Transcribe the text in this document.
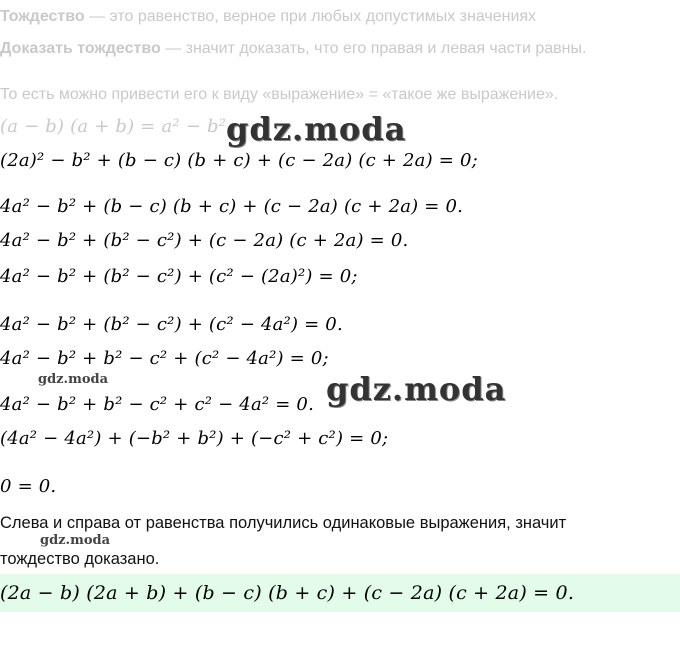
Тождество — это равенство, верное при любых допустимых значениях
Доказать тождество — значит доказать, что его правая и левая части равны.
То есть можно привести его к виду «выражение» = «такое же выражение».
(a − b) (a + b) = a² − b² gdz.moda
(2a)² − b² + (b − c) (b + c) + (c − 2a) (c + 2a) = 0;
4a² − b² + (b − c) (b + c) + (c − 2a) (c + 2a) = 0.
4a² − b² + (b² − c²) + (c − 2a) (c + 2a) = 0.
4a² − b² + (b² − c²) + (c² − (2a)²) = 0;
4a² − b² + (b² − c²) + (c² − 4a²) = 0.
4a² − b² + b² − c² + (c² − 4a²) = 0;
gdz.moda	gdz.moda
4a² − b² + b² − c² + c² − 4a² = 0.
(4a² − 4a²) + (−b² + b²) + (−c² + c²) = 0;
0 = 0.
Слева и справа от равенства получились одинаковые выражения, значит
gdz.moda
тождество доказано.
(2a − b) (2a + b) + (b − c) (b + c) + (c − 2a) (c + 2a) = 0.
